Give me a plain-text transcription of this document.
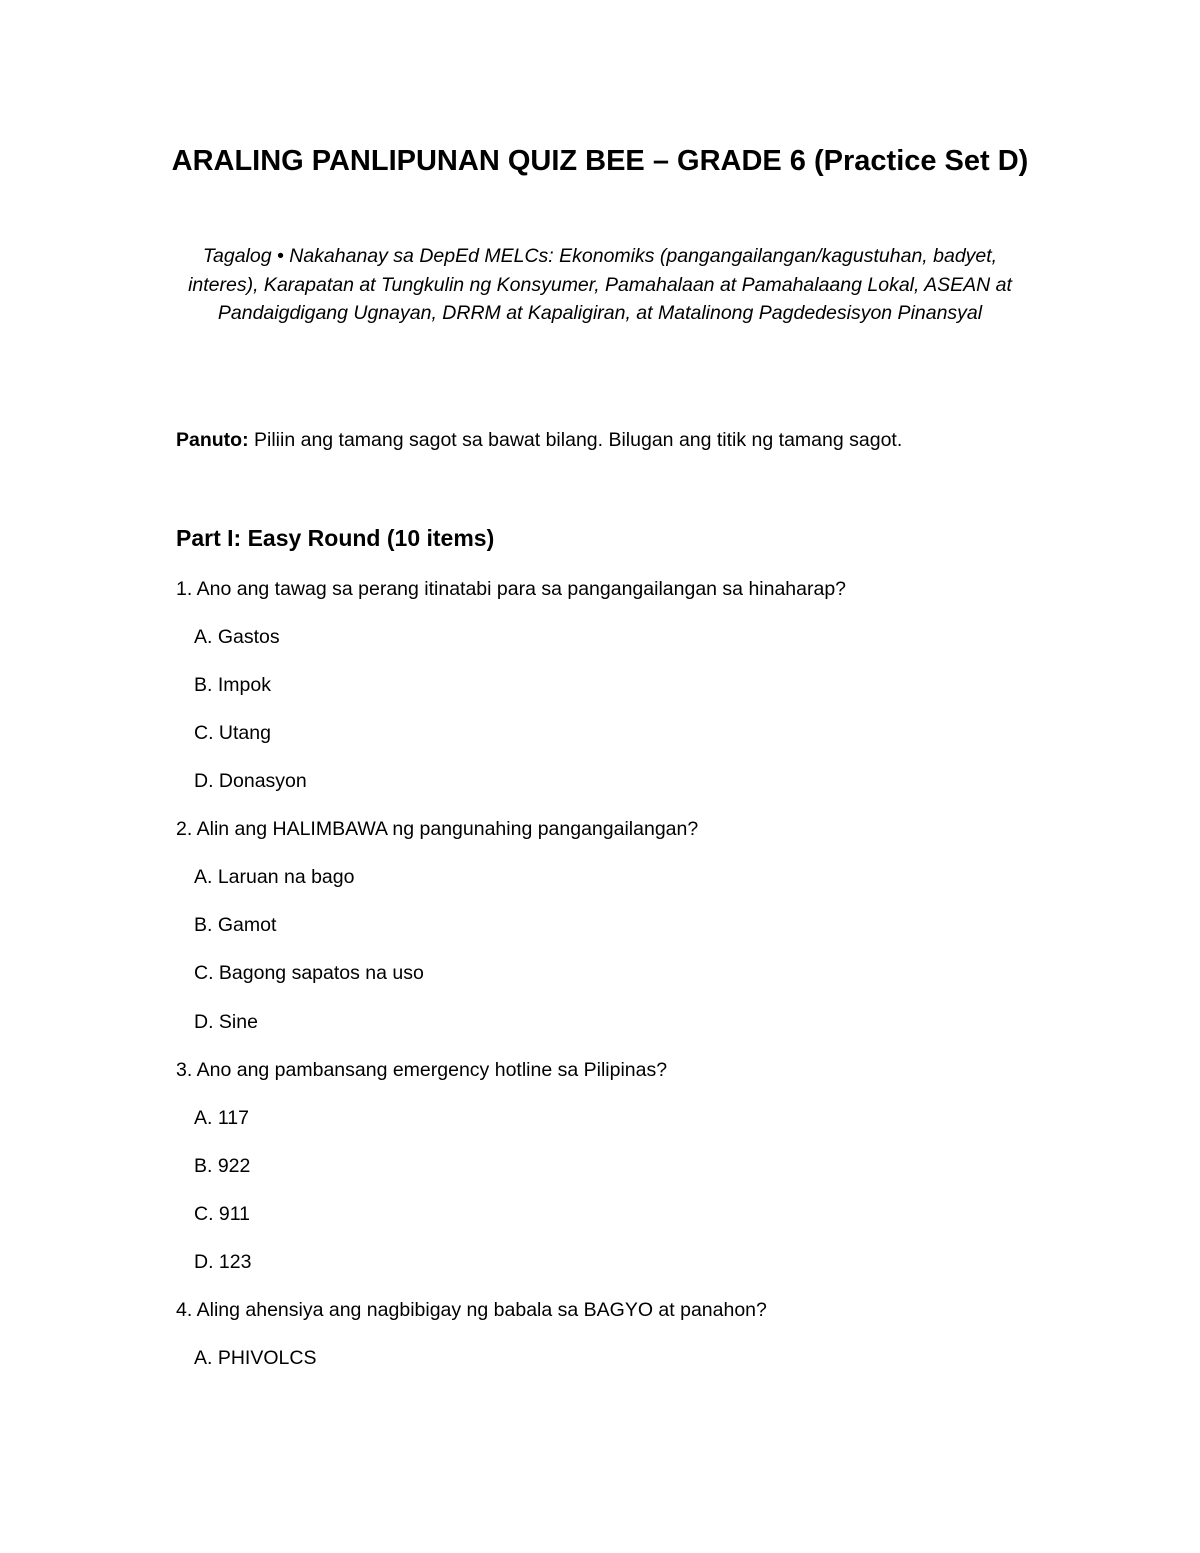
ARALING PANLIPUNAN QUIZ BEE – GRADE 6 (Practice Set D)
Tagalog • Nakahanay sa DepEd MELCs: Ekonomiks (pangangailangan/kagustuhan, badyet, interes), Karapatan at Tungkulin ng Konsyumer, Pamahalaan at Pamahalaang Lokal, ASEAN at Pandaigdigang Ugnayan, DRRM at Kapaligiran, at Matalinong Pagdedesisyon Pinansyal
Panuto: Piliin ang tamang sagot sa bawat bilang. Bilugan ang titik ng tamang sagot.
Part I: Easy Round (10 items)
1. Ano ang tawag sa perang itinatabi para sa pangangailangan sa hinaharap?
A. Gastos
B. Impok
C. Utang
D. Donasyon
2. Alin ang HALIMBAWA ng pangunahing pangangailangan?
A. Laruan na bago
B. Gamot
C. Bagong sapatos na uso
D. Sine
3. Ano ang pambansang emergency hotline sa Pilipinas?
A. 117
B. 922
C. 911
D. 123
4. Aling ahensiya ang nagbibigay ng babala sa BAGYO at panahon?
A. PHIVOLCS
